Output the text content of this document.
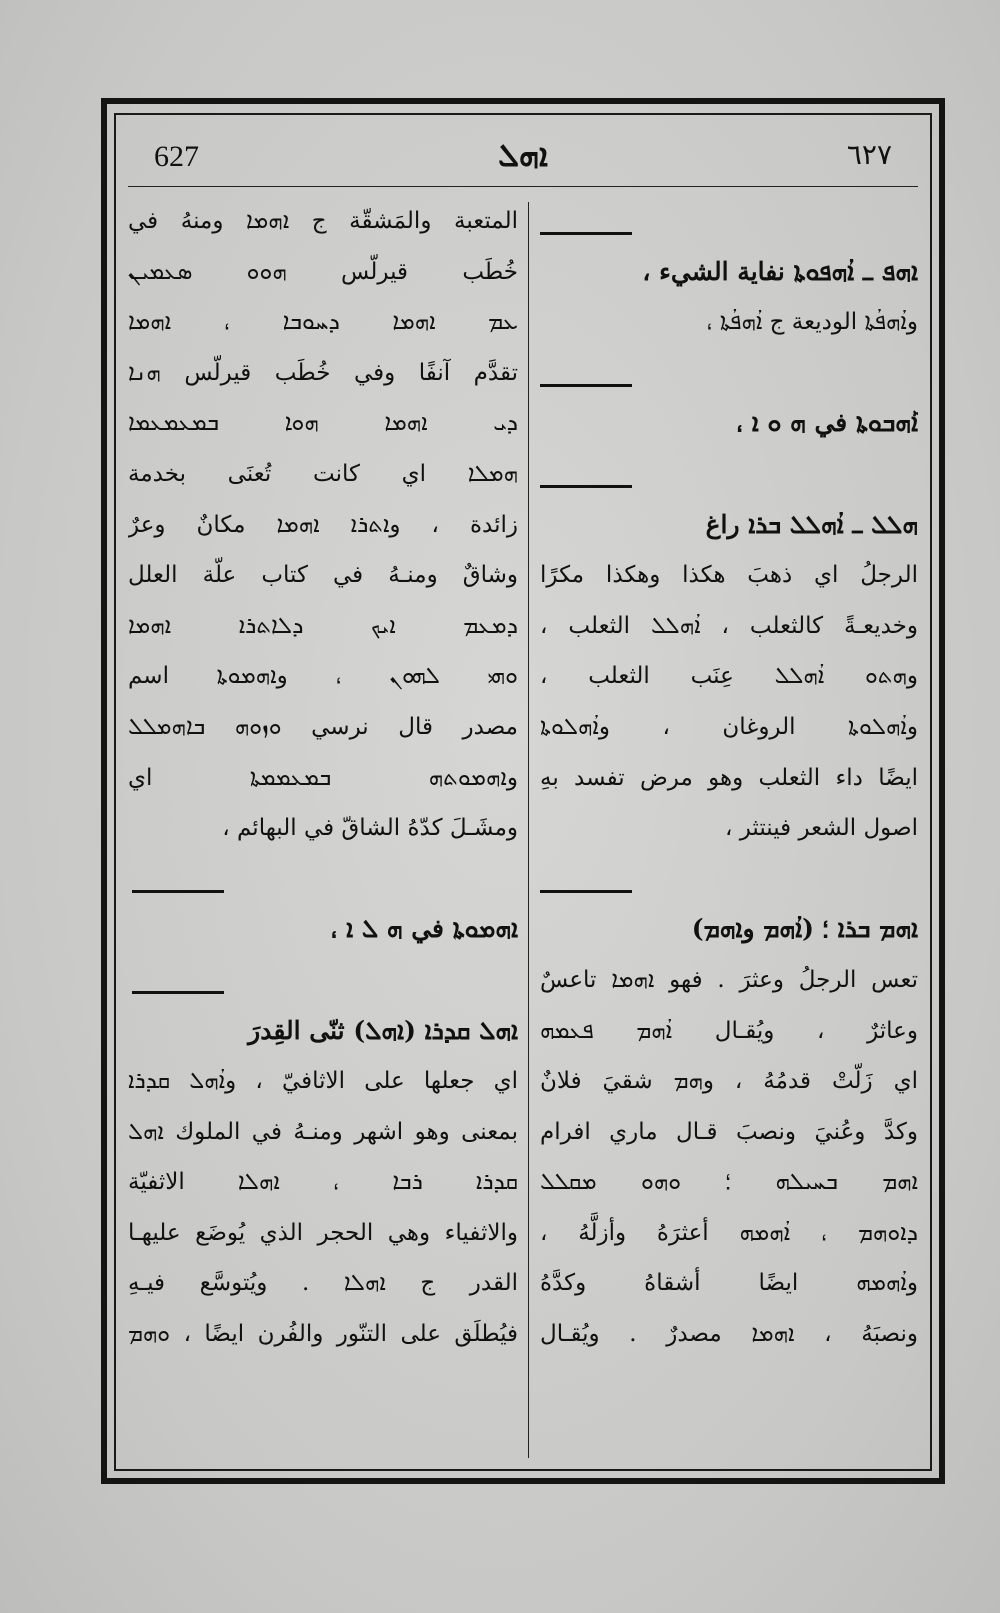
627	ܐܗܠ	٦٢٧
ܐܗܦ ـ ܐܳܗܦܘܬܐ نفاية الشيء ،
وܐܳܗܦܳܬܐ الوديعة ج ܐܳܗܦܳܬܐ ،
ܐܰܗܒܘܬܐ في ܗ ܘ ܐ ،
ܗܠܠ ـ ܐܳܗܠܠ ܒܪܐ راغ
الرجلُ اي ذهبَ هكذا وهكذا مكرًا
وخديعـةً كالثعلب ، ܐܳܗܠܠ الثعلب ،
وܗܬܘ ܐܳܗܠܠ عِنَب الثعلب ،
وܐܳܗܠܘܬܐ الروغان ، وܐܳܗܠܘܬܐ
ايضًا داء الثعلب وهو مرض تفسد بهِ
اصول الشعر فينتثر ،
ܐܗܡ ܒܪܐ ؛ (ܐܳܗܡ وܐܗܡ)
تعس الرجلُ وعثرَ . فهو ܐܗܡܐ تاعسٌ
وعاثرٌ ، ويُقـال ܐܳܗܡ ܦܥܡܗ
اي زَلّتْ قدمُهُ ، وܗܡ شقيَ فلانٌ
وكدَّ وعُنيَ ونصبَ قـال ماري افرام
ܐܗܡ ܒܚܝܠܗ ؛ ܘܗܘ ܡܩܠܠ
ܕܐܘܗܡ ، ܐܳܗܡܗ أعثرَهُ وأزلَّهُ ،
وܐܳܗܡܗ ايضًا أشقاهُ وكدَّهُ
ونصبَهُ ، ܐܗܡܐ مصدرٌ . ويُقـال
المتعبة والمَشقّة ج ܐܗܡܐ ومنهُ في
خُطَب قيرلّس ܗܘܘ ܣܥܡܝܢ
ܥܡ ܐܗܡܐ ܕܚܘܒܐ ، ܐܗܡܐ
تقدَّم آنفًا وفي خُطَب قيرلّس ܗܢܐ
ܕܝ ܐܗܡܐ ܗܘܐ ܒܡܥܡܥܡܐ
ܗܡܠܐ اي كانت تُعنَى بخدمة
زائدة ، وܐܬܪܐ ܐܗܡܐ مكانٌ وعرٌ
وشاقٌ ومنـهُ في كتاب علّة العلل
ܕܡܥܡ ܐܝܟ ܕܠܐܬܪܐ ܐܗܡܐ
ܘܗܝ ܠܗܘܢ ، وܐܗܡܘܬܐ اسم
مصدر قال نرسي ܘܙܘܗ ܒܐܗܡܠܠ
وܐܗܡܘܬܗ ܒܡܥܡܡܬܐ اي
ومشَـلَ كدّهُ الشاقّ في البهائم ،
ܐܗܡܘܬܐ في ܗ ܠ ܐ ،
ܐܗܠ ܩܕܪܐ (ܐܗܠ) ثنّى القِدرَ
اي جعلها على الاثافيّ ، وܐܳܗܠ ܩܕܪܐ
بمعنى وهو اشهر ومنـهُ في الملوك ܐܗܠ
ܩܕܪܐ ܪܒܐ ، ܐܗܠܐ الاثفيّة
والاثفياء وهي الحجر الذي يُوضَع عليهـا
القدر ج ܐܗܠܐ . ويُتوسَّع فيـهِ
فيُطلَق على التنّور والفُرن ايضًا ، ܘܗܡ
